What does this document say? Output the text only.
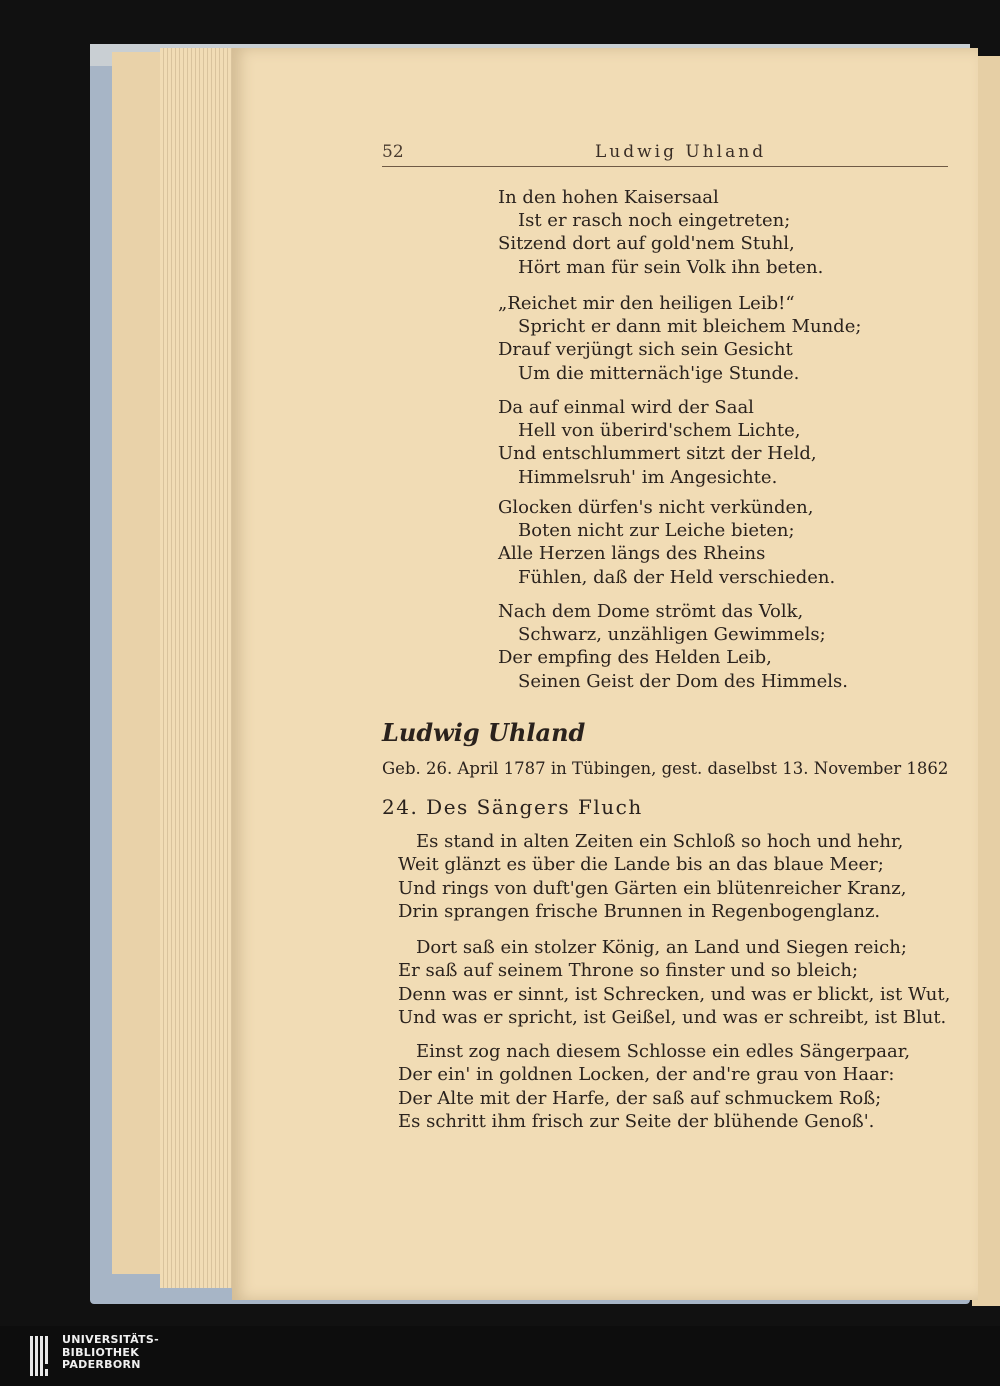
52	Ludwig Uhland
In den hohen Kaisersaal
Ist er rasch noch eingetreten;
Sitzend dort auf gold'nem Stuhl,
Hört man für sein Volk ihn beten.
„Reichet mir den heiligen Leib!“
Spricht er dann mit bleichem Munde;
Drauf verjüngt sich sein Gesicht
Um die mitternäch'ige Stunde.
Da auf einmal wird der Saal
Hell von überird'schem Lichte,
Und entschlummert sitzt der Held,
Himmelsruh' im Angesichte.
Glocken dürfen's nicht verkünden,
Boten nicht zur Leiche bieten;
Alle Herzen längs des Rheins
Fühlen, daß der Held verschieden.
Nach dem Dome strömt das Volk,
Schwarz, unzähligen Gewimmels;
Der empfing des Helden Leib,
Seinen Geist der Dom des Himmels.
Ludwig Uhland
Geb. 26. April 1787 in Tübingen, gest. daselbst 13. November 1862
24. Des Sängers Fluch
Es stand in alten Zeiten ein Schloß so hoch und hehr,
Weit glänzt es über die Lande bis an das blaue Meer;
Und rings von duft'gen Gärten ein blütenreicher Kranz,
Drin sprangen frische Brunnen in Regenbogenglanz.
Dort saß ein stolzer König, an Land und Siegen reich;
Er saß auf seinem Throne so finster und so bleich;
Denn was er sinnt, ist Schrecken, und was er blickt, ist Wut,
Und was er spricht, ist Geißel, und was er schreibt, ist Blut.
Einst zog nach diesem Schlosse ein edles Sängerpaar,
Der ein' in goldnen Locken, der and're grau von Haar:
Der Alte mit der Harfe, der saß auf schmuckem Roß;
Es schritt ihm frisch zur Seite der blühende Genoß'.
UNIVERSITÄTS-
BIBLIOTHEK
PADERBORN
